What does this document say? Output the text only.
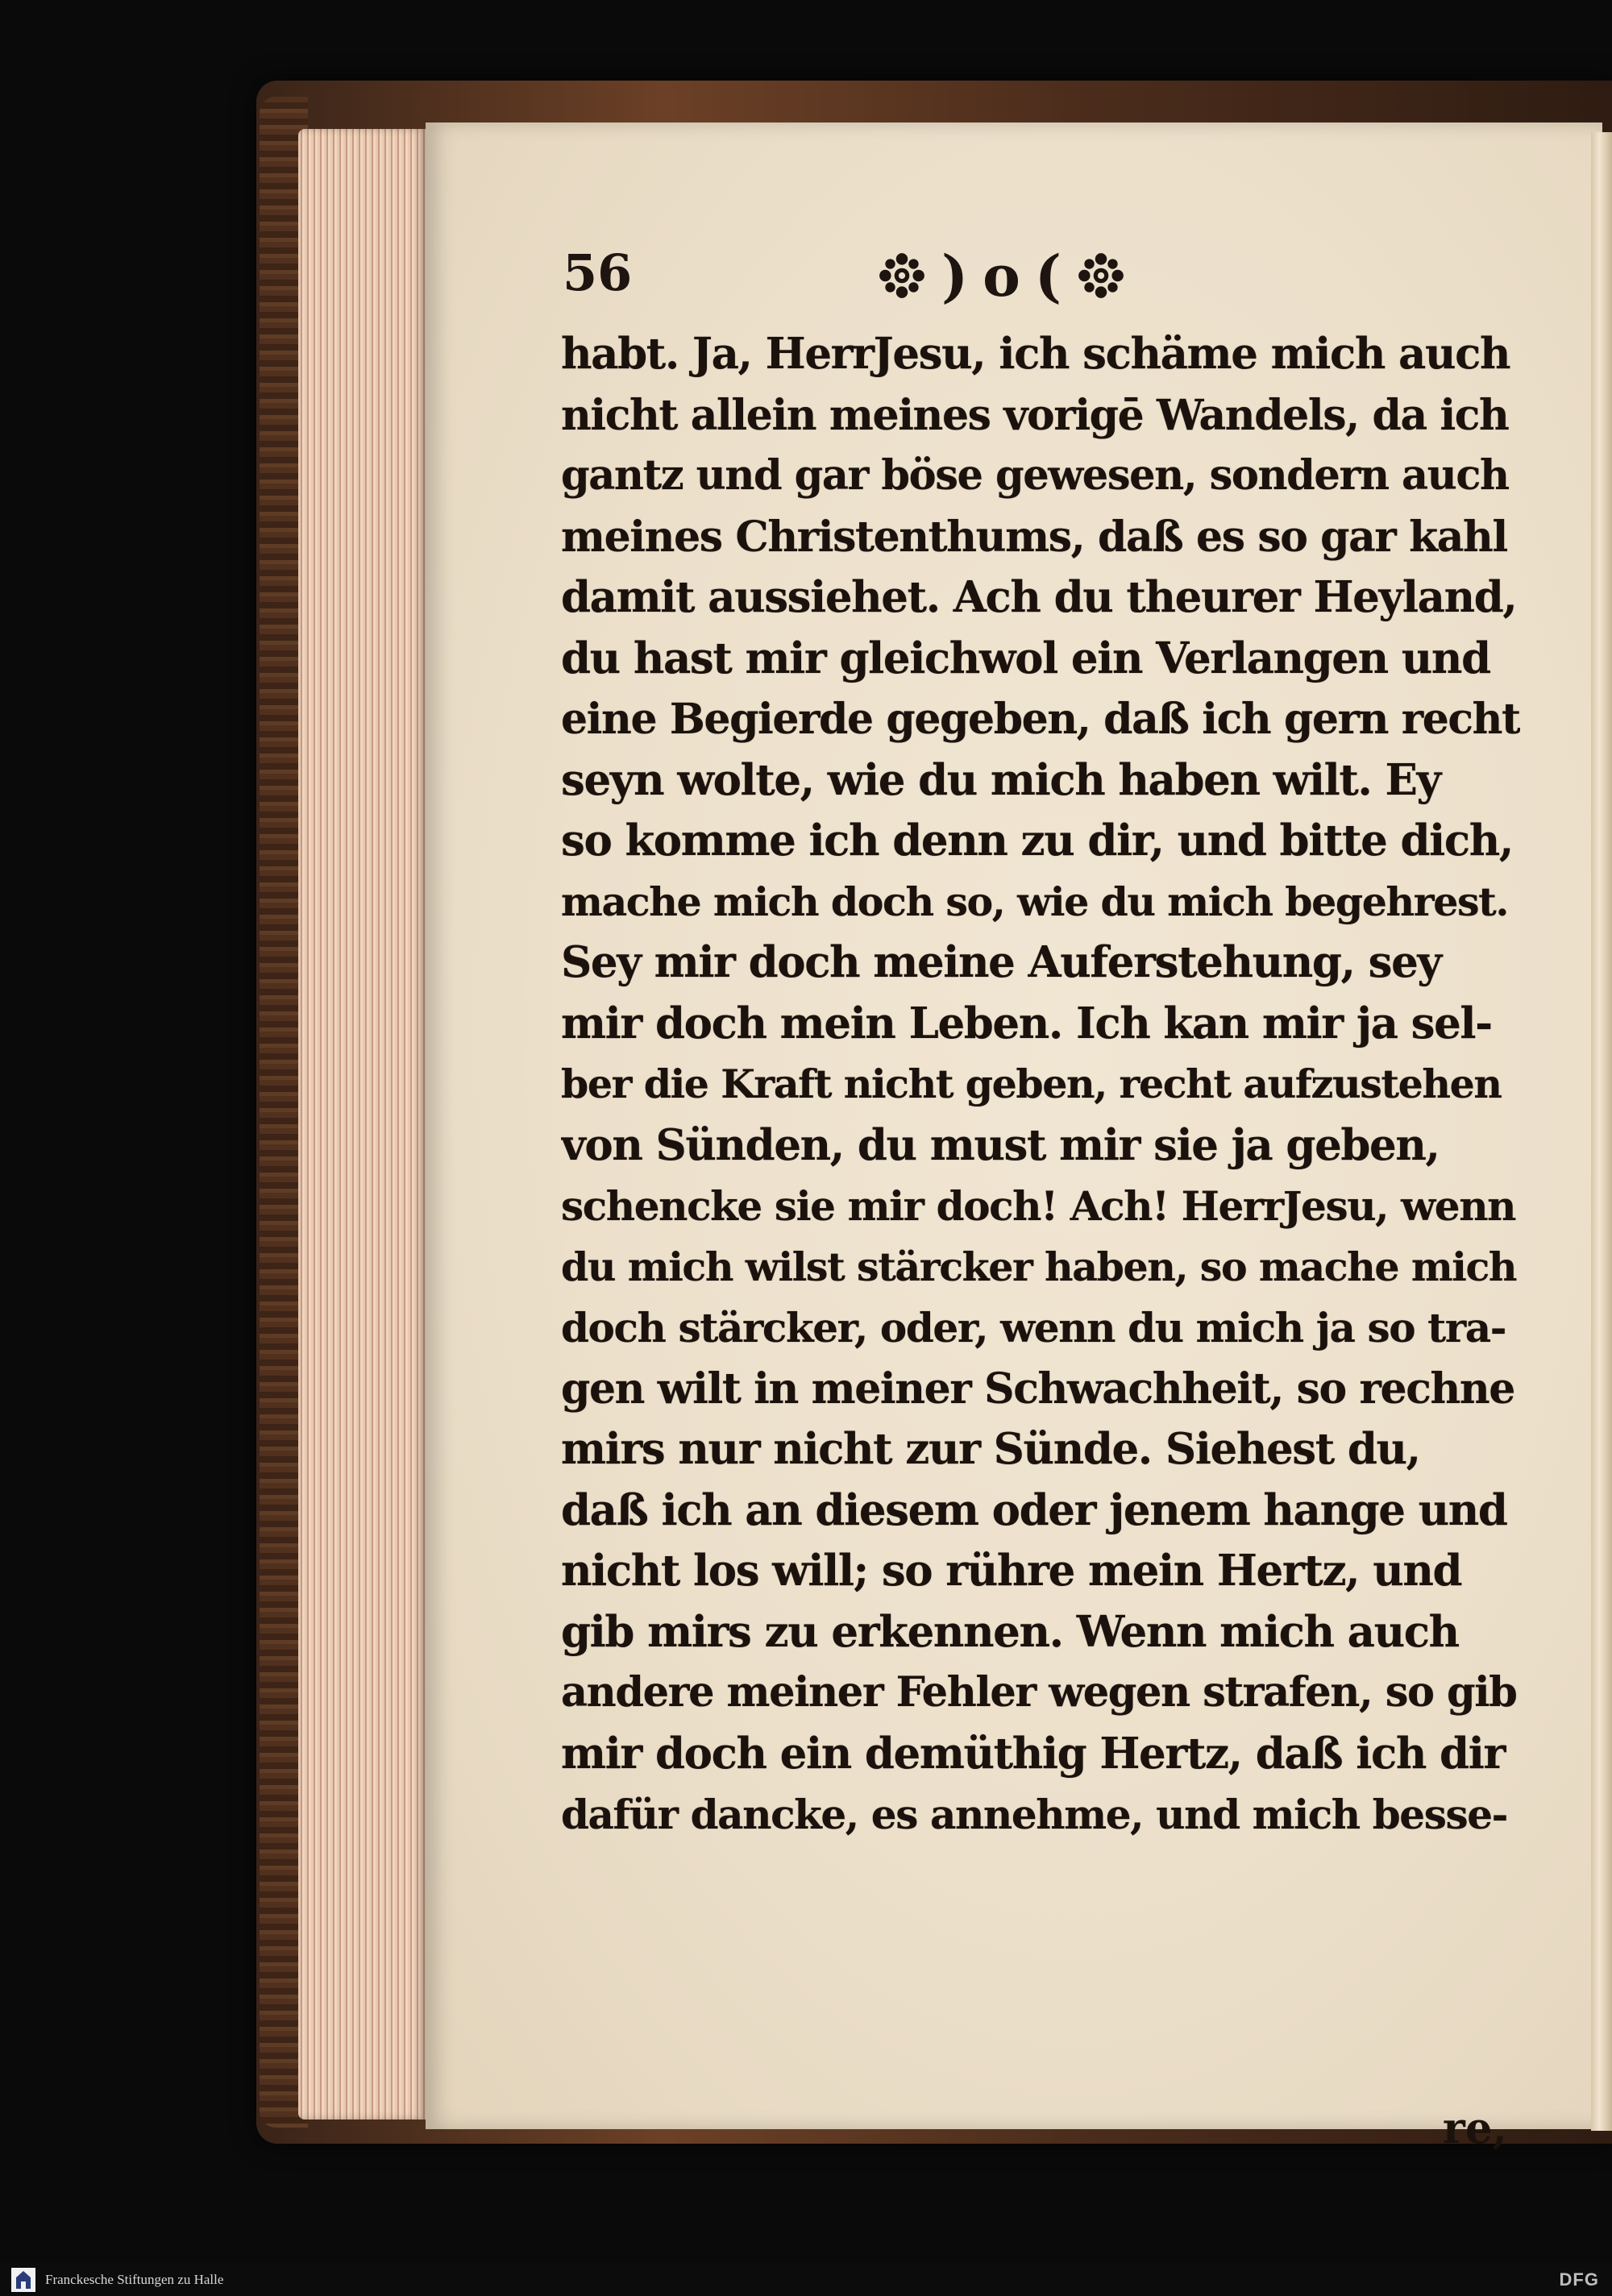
56	) o (
habt. Ja, HerrJesu, ich schäme mich auch
nicht allein meines vorigē Wandels, da ich
gantz und gar böse gewesen, sondern auch
meines Christenthums, daß es so gar kahl
damit aussiehet. Ach du theurer Heyland,
du hast mir gleichwol ein Verlangen und
eine Begierde gegeben, daß ich gern recht
seyn wolte, wie du mich haben wilt. Ey
so komme ich denn zu dir, und bitte dich,
mache mich doch so, wie du mich begehrest.
Sey mir doch meine Auferstehung, sey
mir doch mein Leben. Ich kan mir ja sel-
ber die Kraft nicht geben, recht aufzustehen
von Sünden, du must mir sie ja geben,
schencke sie mir doch! Ach! HerrJesu, wenn
du mich wilst stärcker haben, so mache mich
doch stärcker, oder, wenn du mich ja so tra-
gen wilt in meiner Schwachheit, so rechne
mirs nur nicht zur Sünde. Siehest du,
daß ich an diesem oder jenem hange und
nicht los will; so rühre mein Hertz, und
gib mirs zu erkennen. Wenn mich auch
andere meiner Fehler wegen strafen, so gib
mir doch ein demüthig Hertz, daß ich dir
dafür dancke, es annehme, und mich besse-
re,
Franckesche Stiftungen zu Halle	DFG
